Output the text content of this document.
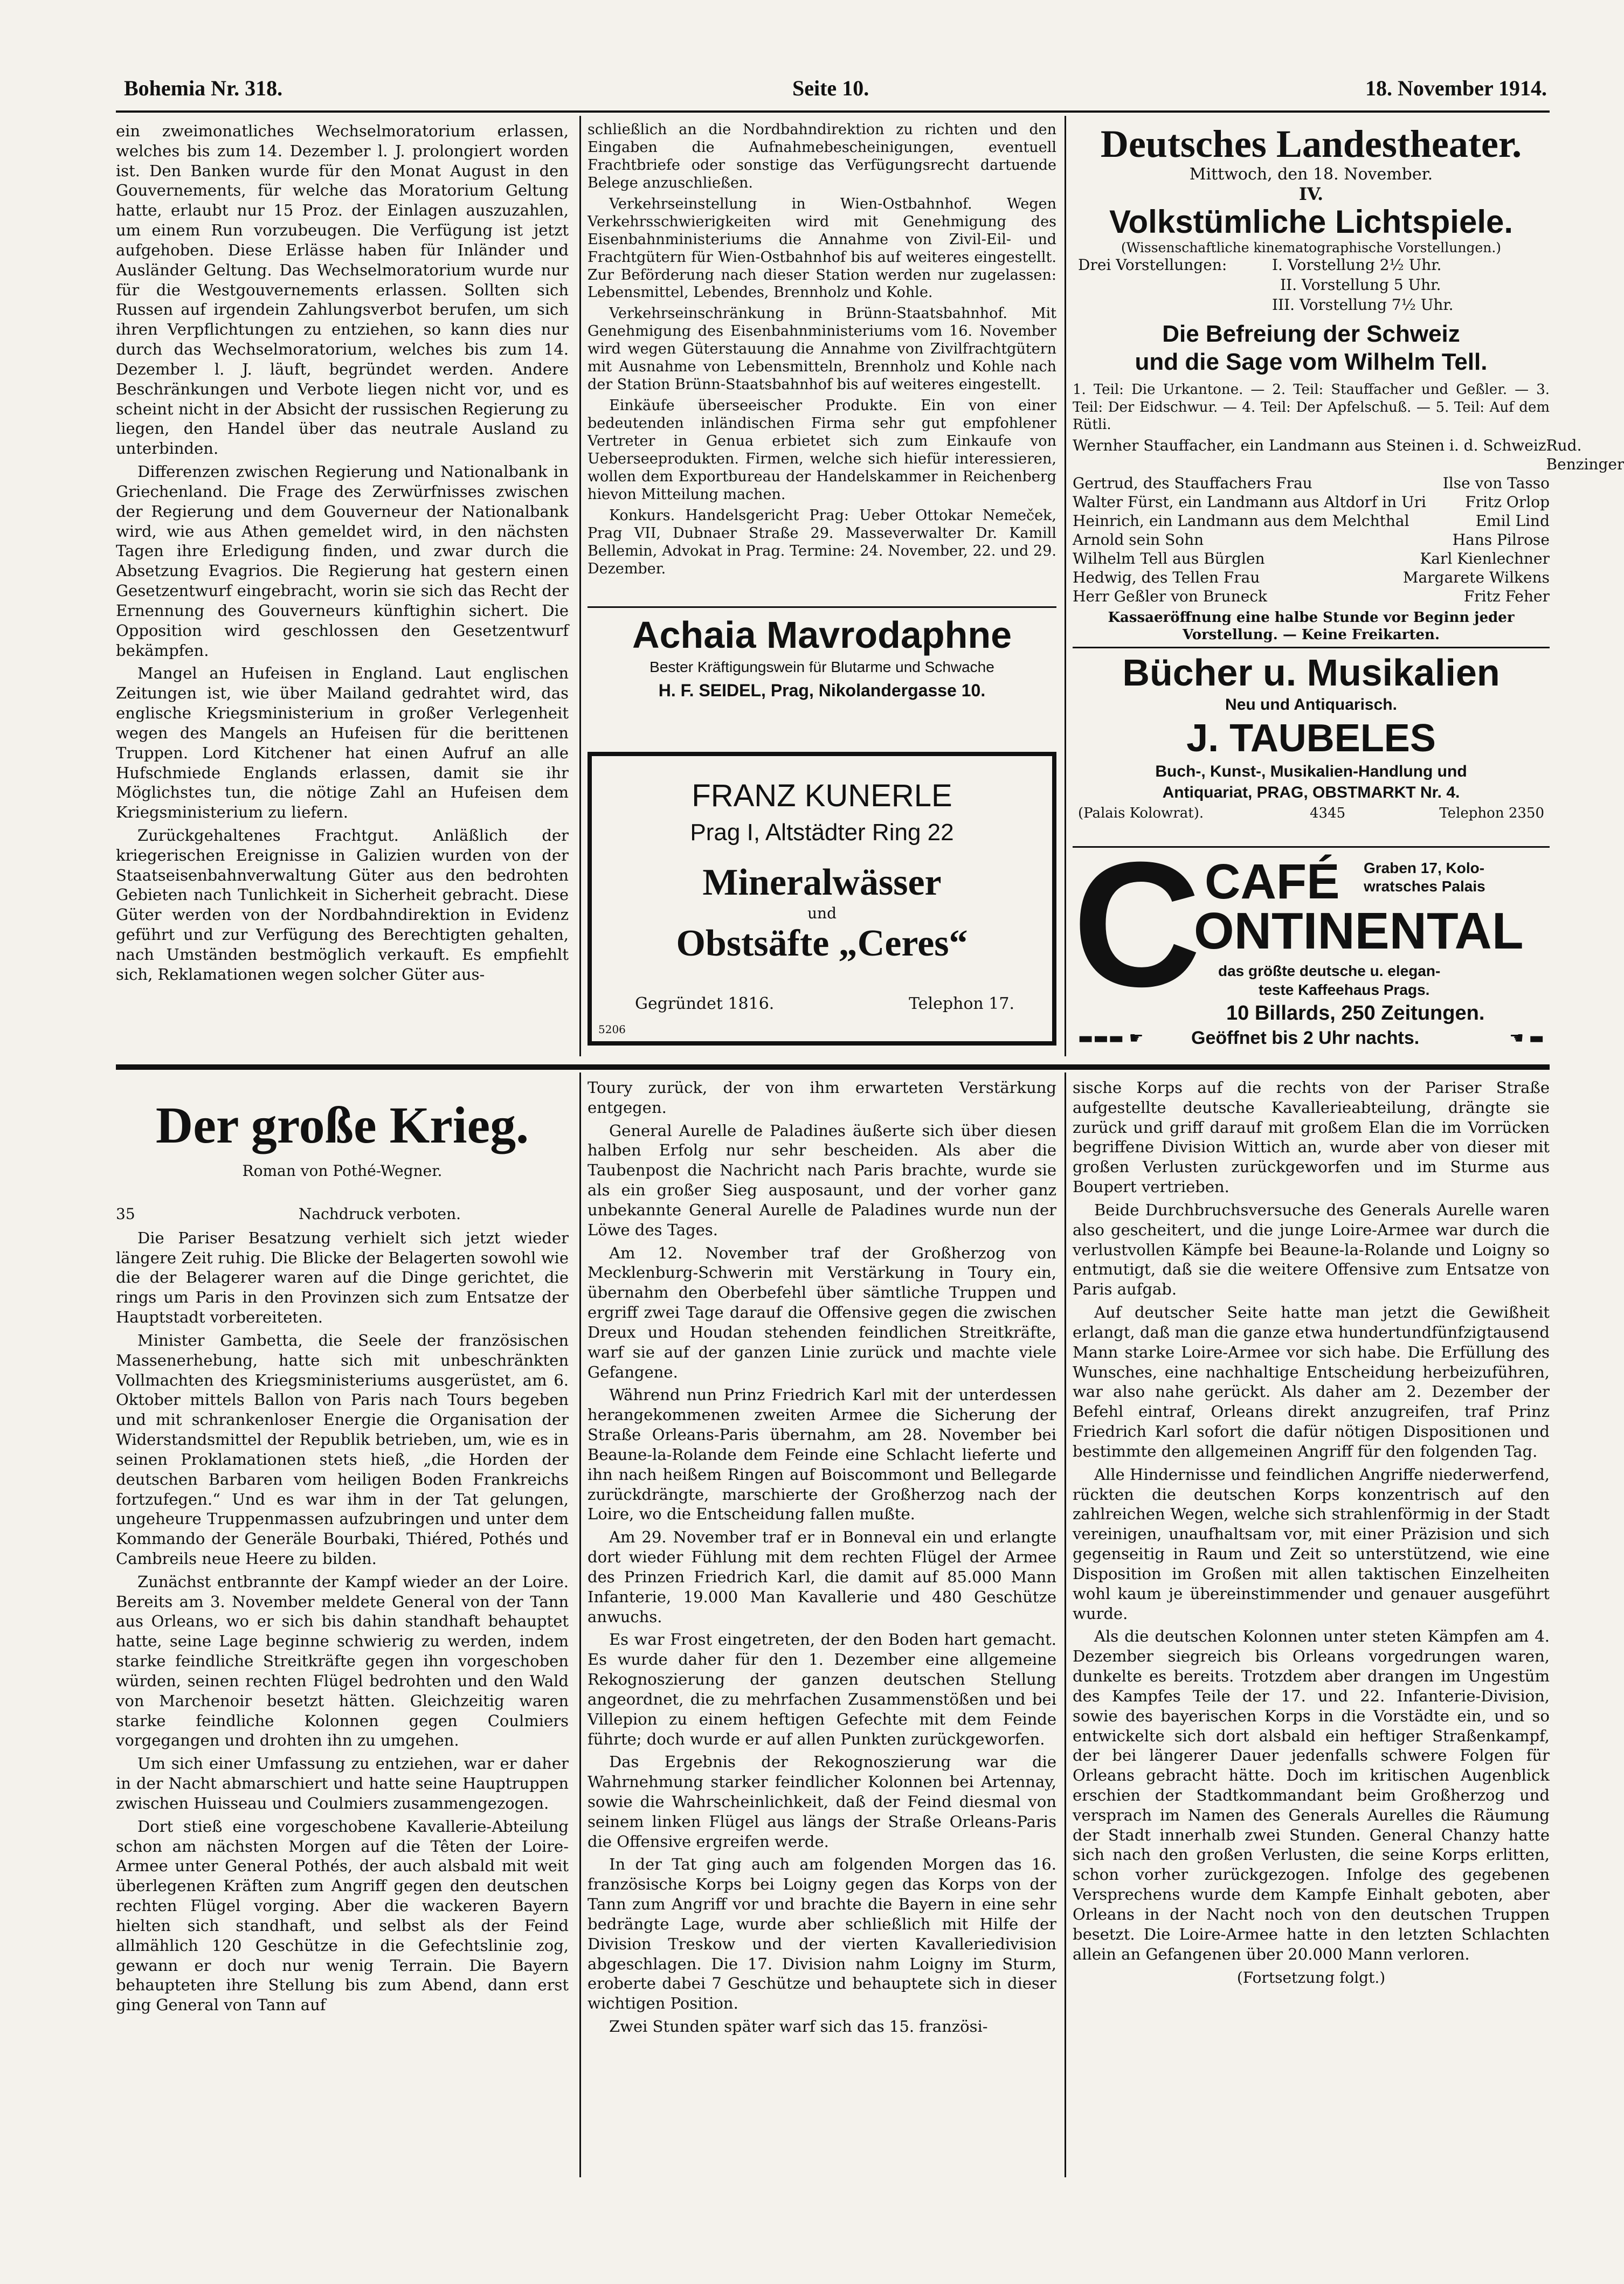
Bohemia Nr. 318.	Seite 10.	18. November 1914.

ein zweimonatliches Wechselmoratorium erlassen, welches bis zum 14. Dezember l. J. prolongiert worden ist. Den Banken wurde für den Monat August in den Gouvernements, für welche das Moratorium Geltung hatte, erlaubt nur 15 Proz. der Einlagen auszuzahlen, um einem Run vorzubeugen. Die Verfügung ist jetzt aufgehoben. Diese Erlässe haben für Inländer und Ausländer Geltung. Das Wechselmoratorium wurde nur für die Westgouvernements erlassen. Sollten sich Russen auf irgendein Zahlungsverbot berufen, um sich ihren Verpflichtungen zu entziehen, so kann dies nur durch das Wechselmoratorium, welches bis zum 14. Dezember l. J. läuft, begründet werden. Andere Beschränkungen und Verbote liegen nicht vor, und es scheint nicht in der Absicht der russischen Regierung zu liegen, den Handel über das neutrale Ausland zu unterbinden.

Differenzen zwischen Regierung und Nationalbank in Griechenland. Die Frage des Zerwürfnisses zwischen der Regierung und dem Gouverneur der Nationalbank wird, wie aus Athen gemeldet wird, in den nächsten Tagen ihre Erledigung finden, und zwar durch die Absetzung Evagrios. Die Regierung hat gestern einen Gesetzentwurf eingebracht, worin sie sich das Recht der Ernennung des Gouverneurs künftighin sichert. Die Opposition wird geschlossen den Gesetzentwurf bekämpfen.

Mangel an Hufeisen in England. Laut englischen Zeitungen ist, wie über Mailand gedrahtet wird, das englische Kriegsministerium in großer Verlegenheit wegen des Mangels an Hufeisen für die berittenen Truppen. Lord Kitchener hat einen Aufruf an alle Hufschmiede Englands erlassen, damit sie ihr Möglichstes tun, die nötige Zahl an Hufeisen dem Kriegsministerium zu liefern.

Zurückgehaltenes Frachtgut. Anläßlich der kriegerischen Ereignisse in Galizien wurden von der Staatseisenbahnverwaltung Güter aus den bedrohten Gebieten nach Tunlichkeit in Sicherheit gebracht. Diese Güter werden von der Nordbahndirektion in Evidenz geführt und zur Verfügung des Berechtigten gehalten, nach Umständen bestmöglich verkauft. Es empfiehlt sich, Reklamationen wegen solcher Güter aus-

schließlich an die Nordbahndirektion zu richten und den Eingaben die Aufnahmebescheinigungen, eventuell Frachtbriefe oder sonstige das Verfügungsrecht dartuende Belege anzuschließen.

Verkehrseinstellung in Wien-Ostbahnhof. Wegen Verkehrsschwierigkeiten wird mit Genehmigung des Eisenbahnministeriums die Annahme von Zivil-Eil- und Frachtgütern für Wien-Ostbahnhof bis auf weiteres eingestellt. Zur Beförderung nach dieser Station werden nur zugelassen: Lebensmittel, Lebendes, Brennholz und Kohle.

Verkehrseinschränkung in Brünn-Staatsbahnhof. Mit Genehmigung des Eisenbahnministeriums vom 16. November wird wegen Güterstauung die Annahme von Zivilfrachtgütern mit Ausnahme von Lebensmitteln, Brennholz und Kohle nach der Station Brünn-Staatsbahnhof bis auf weiteres eingestellt.

Einkäufe überseeischer Produkte. Ein von einer bedeutenden inländischen Firma sehr gut empfohlener Vertreter in Genua erbietet sich zum Einkaufe von Ueberseeprodukten. Firmen, welche sich hiefür interessieren, wollen dem Exportbureau der Handelskammer in Reichenberg hievon Mitteilung machen.

Konkurs. Handelsgericht Prag: Ueber Ottokar Nemeček, Prag VII, Dubnaer Straße 29. Masseverwalter Dr. Kamill Bellemin, Advokat in Prag. Termine: 24. November, 22. und 29. Dezember.

Achaia Mavrodaphne
Bester Kräftigungswein für Blutarme und Schwache
H. F. SEIDEL, Prag, Nikolandergasse 10.
FRANZ KUNERLE
Prag I, Altstädter Ring 22
Mineralwässer
und
Obstsäfte „Ceres“
Gegründet 1816.	Telephon 17.
5206
Deutsches Landestheater.
Mittwoch, den 18. November.
IV.
Volkstümliche Lichtspiele.
(Wissenschaftliche kinematographische Vorstellungen.)
Drei Vorstellungen:	I. Vorstellung 2½ Uhr.
II. Vorstellung 5 Uhr.
III. Vorstellung 7½ Uhr.
Die Befreiung der Schweiz
und die Sage vom Wilhelm Tell.
1. Teil: Die Urkantone. — 2. Teil: Stauffacher und Geßler. — 3. Teil: Der Eidschwur. — 4. Teil: Der Apfelschuß. — 5. Teil: Auf dem Rütli.
Wernher Stauffacher, ein Landmann aus Steinen i. d. Schweiz Rud. Benzinger
Gertrud, des Stauffachers Frau	Ilse von Tasso
Walter Fürst, ein Landmann aus Altdorf in Uri	Fritz Orlop
Heinrich, ein Landmann aus dem Melchthal	Emil Lind
Arnold sein Sohn	Hans Pilrose
Wilhelm Tell aus Bürglen	Karl Kienlechner
Hedwig, des Tellen Frau	Margarete Wilkens
Herr Geßler von Bruneck	Fritz Feher
Kassaeröffnung eine halbe Stunde vor Beginn jeder Vorstellung. — Keine Freikarten.
Bücher u. Musikalien
Neu und Antiquarisch.
J. TAUBELES
Buch-, Kunst-, Musikalien-Handlung und
Antiquariat, PRAG, OBSTMARKT Nr. 4.
(Palais Kolowrat).	4345	Telephon 2350
C CAFÉ Graben 17, Kolo-
wratsches Palais
ONTINENTAL
das größte deutsche u. elegan-
teste Kaffeehaus Prags.
10 Billards, 250 Zeitungen.
▬▬▬ ☛	Geöffnet bis 2 Uhr nachts.	☚ ▬
Der große Krieg.
Roman von Pothé-Wegner.
35	Nachdruck verboten.

Die Pariser Besatzung verhielt sich jetzt wieder längere Zeit ruhig. Die Blicke der Belagerten sowohl wie die der Belagerer waren auf die Dinge gerichtet, die rings um Paris in den Provinzen sich zum Entsatze der Hauptstadt vorbereiteten.

Minister Gambetta, die Seele der französischen Massenerhebung, hatte sich mit unbeschränkten Vollmachten des Kriegsministeriums ausgerüstet, am 6. Oktober mittels Ballon von Paris nach Tours begeben und mit schrankenloser Energie die Organisation der Widerstandsmittel der Republik betrieben, um, wie es in seinen Proklamationen stets hieß, „die Horden der deutschen Barbaren vom heiligen Boden Frankreichs fortzufegen.“ Und es war ihm in der Tat gelungen, ungeheure Truppenmassen aufzubringen und unter dem Kommando der Generäle Bourbaki, Thiéred, Pothés und Cambreils neue Heere zu bilden.

Zunächst entbrannte der Kampf wieder an der Loire. Bereits am 3. November meldete General von der Tann aus Orleans, wo er sich bis dahin standhaft behauptet hatte, seine Lage beginne schwierig zu werden, indem starke feindliche Streitkräfte gegen ihn vorgeschoben würden, seinen rechten Flügel bedrohten und den Wald von Marchenoir besetzt hätten. Gleichzeitig waren starke feindliche Kolonnen gegen Coulmiers vorgegangen und drohten ihn zu umgehen.

Um sich einer Umfassung zu entziehen, war er daher in der Nacht abmarschiert und hatte seine Hauptruppen zwischen Huisseau und Coulmiers zusammengezogen.

Dort stieß eine vorgeschobene Kavallerie-Abteilung schon am nächsten Morgen auf die Têten der Loire-Armee unter General Pothés, der auch alsbald mit weit überlegenen Kräften zum Angriff gegen den deutschen rechten Flügel vorging. Aber die wackeren Bayern hielten sich standhaft, und selbst als der Feind allmählich 120 Geschütze in die Gefechtslinie zog, gewann er doch nur wenig Terrain. Die Bayern behaupteten ihre Stellung bis zum Abend, dann erst ging General von Tann auf

Toury zurück, der von ihm erwarteten Verstärkung entgegen.

General Aurelle de Paladines äußerte sich über diesen halben Erfolg nur sehr bescheiden. Als aber die Taubenpost die Nachricht nach Paris brachte, wurde sie als ein großer Sieg ausposaunt, und der vorher ganz unbekannte General Aurelle de Paladines wurde nun der Löwe des Tages.

Am 12. November traf der Großherzog von Mecklenburg-Schwerin mit Verstärkung in Toury ein, übernahm den Oberbefehl über sämtliche Truppen und ergriff zwei Tage darauf die Offensive gegen die zwischen Dreux und Houdan stehenden feindlichen Streitkräfte, warf sie auf der ganzen Linie zurück und machte viele Gefangene.

Während nun Prinz Friedrich Karl mit der unterdessen herangekommenen zweiten Armee die Sicherung der Straße Orleans-Paris übernahm, am 28. November bei Beaune-la-Rolande dem Feinde eine Schlacht lieferte und ihn nach heißem Ringen auf Boiscommont und Bellegarde zurückdrängte, marschierte der Großherzog nach der Loire, wo die Entscheidung fallen mußte.

Am 29. November traf er in Bonneval ein und erlangte dort wieder Fühlung mit dem rechten Flügel der Armee des Prinzen Friedrich Karl, die damit auf 85.000 Mann Infanterie, 19.000 Man Kavallerie und 480 Geschütze anwuchs.

Es war Frost eingetreten, der den Boden hart gemacht. Es wurde daher für den 1. Dezember eine allgemeine Rekognoszierung der ganzen deutschen Stellung angeordnet, die zu mehrfachen Zusammenstößen und bei Villepion zu einem heftigen Gefechte mit dem Feinde führte; doch wurde er auf allen Punkten zurückgeworfen.

Das Ergebnis der Rekognoszierung war die Wahrnehmung starker feindlicher Kolonnen bei Artennay, sowie die Wahrscheinlichkeit, daß der Feind diesmal von seinem linken Flügel aus längs der Straße Orleans-Paris die Offensive ergreifen werde.

In der Tat ging auch am folgenden Morgen das 16. französische Korps bei Loigny gegen das Korps von der Tann zum Angriff vor und brachte die Bayern in eine sehr bedrängte Lage, wurde aber schließlich mit Hilfe der Division Treskow und der vierten Kavalleriedivision abgeschlagen. Die 17. Division nahm Loigny im Sturm, eroberte dabei 7 Geschütze und behauptete sich in dieser wichtigen Position.

Zwei Stunden später warf sich das 15. französi-

sische Korps auf die rechts von der Pariser Straße aufgestellte deutsche Kavallerieabteilung, drängte sie zurück und griff darauf mit großem Elan die im Vorrücken begriffene Division Wittich an, wurde aber von dieser mit großen Verlusten zurückgeworfen und im Sturme aus Boupert vertrieben.

Beide Durchbruchsversuche des Generals Aurelle waren also gescheitert, und die junge Loire-Armee war durch die verlustvollen Kämpfe bei Beaune-la-Rolande und Loigny so entmutigt, daß sie die weitere Offensive zum Entsatze von Paris aufgab.

Auf deutscher Seite hatte man jetzt die Gewißheit erlangt, daß man die ganze etwa hundertundfünfzigtausend Mann starke Loire-Armee vor sich habe. Die Erfüllung des Wunsches, eine nachhaltige Entscheidung herbeizuführen, war also nahe gerückt. Als daher am 2. Dezember der Befehl eintraf, Orleans direkt anzugreifen, traf Prinz Friedrich Karl sofort die dafür nötigen Dispositionen und bestimmte den allgemeinen Angriff für den folgenden Tag.

Alle Hindernisse und feindlichen Angriffe niederwerfend, rückten die deutschen Korps konzentrisch auf den zahlreichen Wegen, welche sich strahlenförmig in der Stadt vereinigen, unaufhaltsam vor, mit einer Präzision und sich gegenseitig in Raum und Zeit so unterstützend, wie eine Disposition im Großen mit allen taktischen Einzelheiten wohl kaum je übereinstimmender und genauer ausgeführt wurde.

Als die deutschen Kolonnen unter steten Kämpfen am 4. Dezember siegreich bis Orleans vorgedrungen waren, dunkelte es bereits. Trotzdem aber drangen im Ungestüm des Kampfes Teile der 17. und 22. Infanterie-Division, sowie des bayerischen Korps in die Vorstädte ein, und so entwickelte sich dort alsbald ein heftiger Straßenkampf, der bei längerer Dauer jedenfalls schwere Folgen für Orleans gebracht hätte. Doch im kritischen Augenblick erschien der Stadtkommandant beim Großherzog und versprach im Namen des Generals Aurelles die Räumung der Stadt innerhalb zwei Stunden. General Chanzy hatte sich nach den großen Verlusten, die seine Korps erlitten, schon vorher zurückgezogen. Infolge des gegebenen Versprechens wurde dem Kampfe Einhalt geboten, aber Orleans in der Nacht noch von den deutschen Truppen besetzt. Die Loire-Armee hatte in den letzten Schlachten allein an Gefangenen über 20.000 Mann verloren.

(Fortsetzung folgt.)
